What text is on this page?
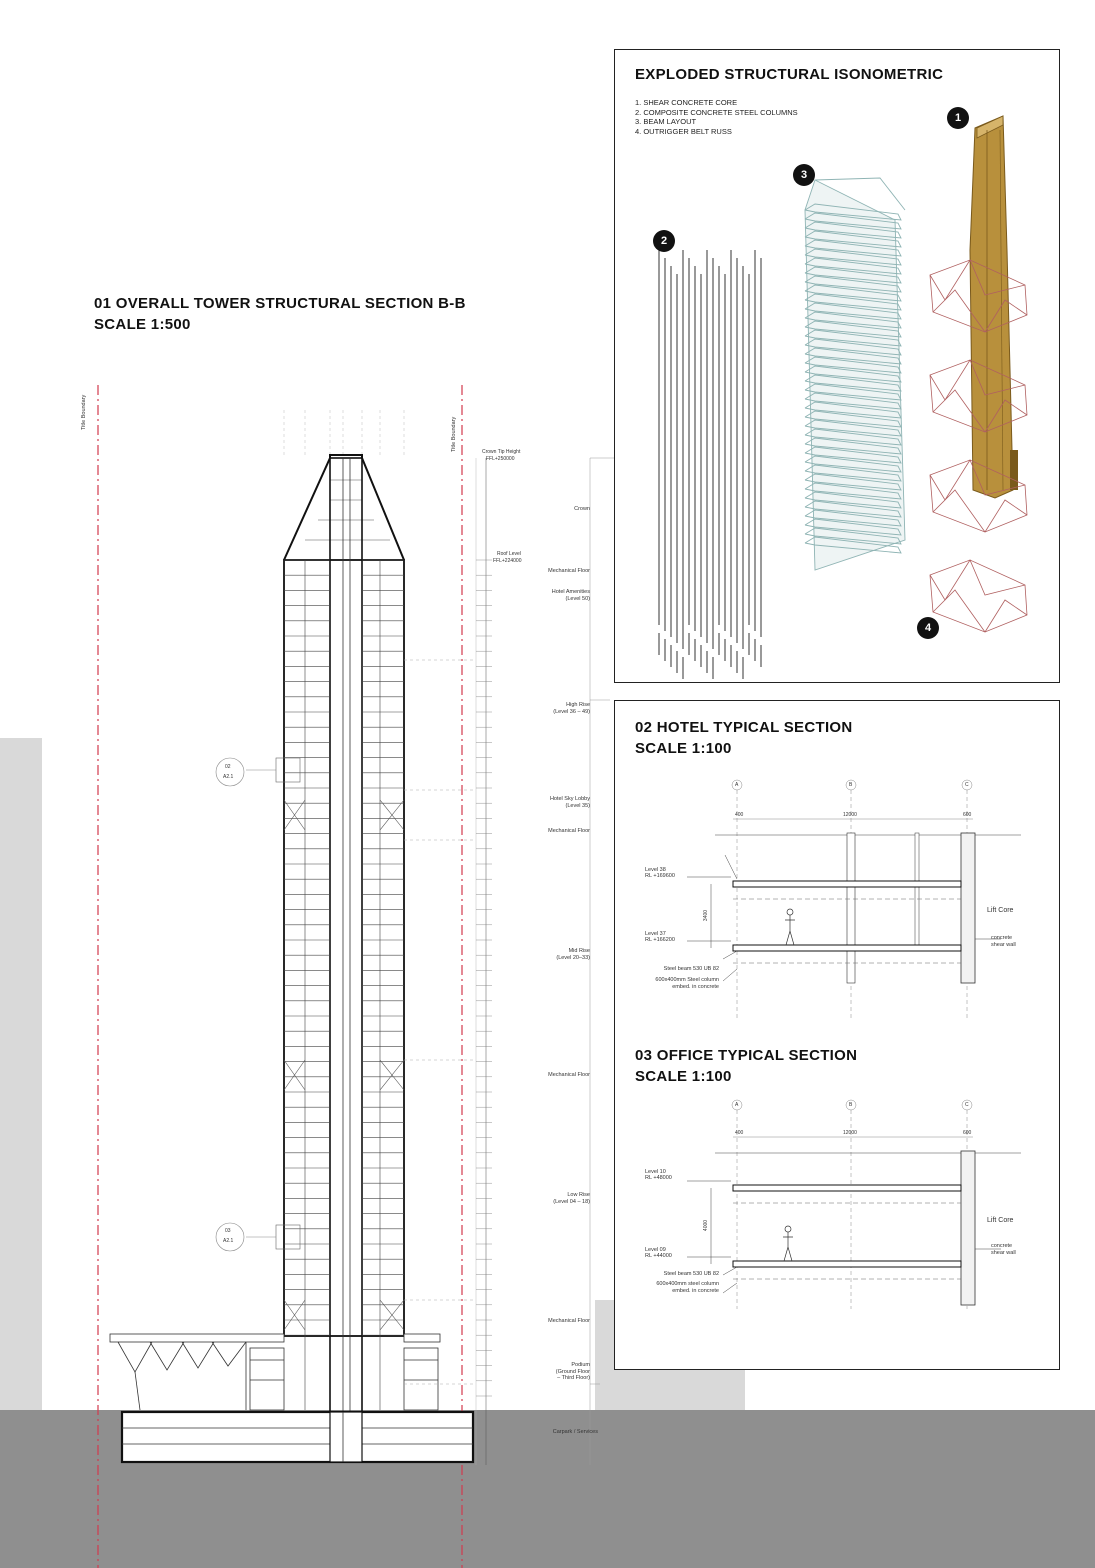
01 OVERALL TOWER STRUCTURAL SECTION B-B
SCALE 1:500
Title Boundary
Title Boundary
02
A2.1
03
A2.1
Crown Tip Height
FFL+250000
Roof Level
FFL+224000
Crown
Mechanical Floor
Hotel Amenities
(Level 50)
High Rise
(Level 36 – 49)
Hotel Sky Lobby
(Level 35)
Mechanical Floor
Mid Rise
(Level 20–33)
Mechanical Floor
Low Rise
(Level 04 – 18)
Mechanical Floor
Podium
(Ground Floor
– Third Floor)
Carpark / Services
EXPLODED STRUCTURAL ISONOMETRIC
1. SHEAR CONCRETE CORE
2. COMPOSITE CONCRETE STEEL COLUMNS
3. BEAM LAYOUT
4. OUTRIGGER BELT RUSS
1
2
3
4
02 HOTEL TYPICAL SECTION
SCALE 1:100
A	B	C
400	12000	600
3400
Level 38
RL +169600
Level 37
RL +166200
Lift Core
concrete
shear wall
Steel beam 530 UB 82
600x400mm Steel column
embed. in concrete
03 OFFICE TYPICAL SECTION
SCALE 1:100
A	B	C
400	12000	600
4000
Level 10
RL +48000
Level 09
RL +44000
Lift Core
concrete
shear wall
Steel beam 530 UB 82
600x400mm steel column
embed. in concrete
